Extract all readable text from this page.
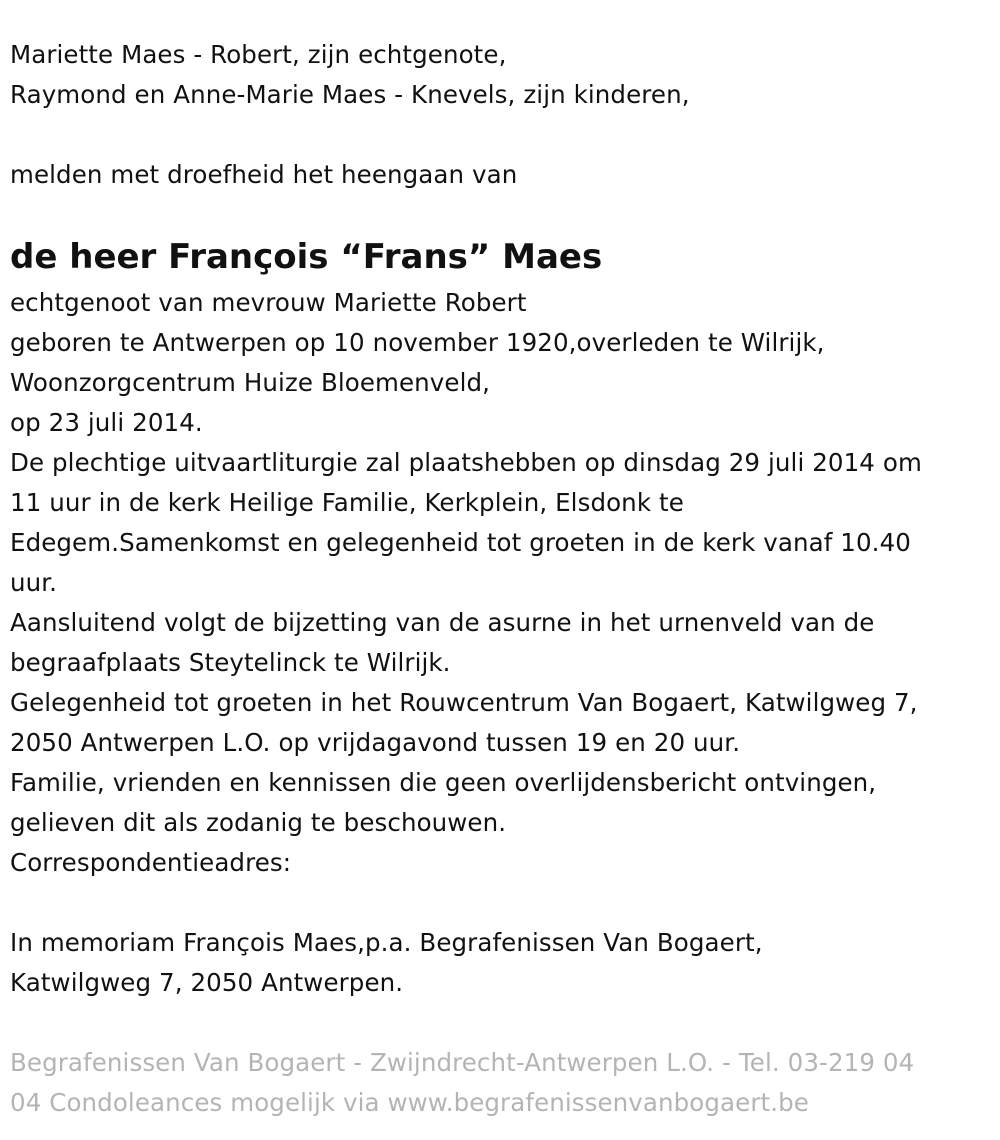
Mariette Maes - Robert, zijn echtgenote,
Raymond en Anne-Marie Maes - Knevels, zijn kinderen,
melden met droefheid het heengaan van
de heer François “Frans” Maes
echtgenoot van mevrouw Mariette Robert
geboren te Antwerpen op 10 november 1920,overleden te Wilrijk,
Woonzorgcentrum Huize Bloemenveld,
op 23 juli 2014.
De plechtige uitvaartliturgie zal plaatshebben op dinsdag 29 juli 2014 om
11 uur in de kerk Heilige Familie, Kerkplein, Elsdonk te
Edegem.Samenkomst en gelegenheid tot groeten in de kerk vanaf 10.40
uur.
Aansluitend volgt de bijzetting van de asurne in het urnenveld van de
begraafplaats Steytelinck te Wilrijk.
Gelegenheid tot groeten in het Rouwcentrum Van Bogaert, Katwilgweg 7,
2050 Antwerpen L.O. op vrijdagavond tussen 19 en 20 uur.
Familie, vrienden en kennissen die geen overlijdensbericht ontvingen,
gelieven dit als zodanig te beschouwen.
Correspondentieadres:
In memoriam François Maes,p.a. Begrafenissen Van Bogaert,
Katwilgweg 7, 2050 Antwerpen.
Begrafenissen Van Bogaert - Zwijndrecht-Antwerpen L.O. - Tel. 03-219 04
04 Condoleances mogelijk via www.begrafenissenvanbogaert.be
